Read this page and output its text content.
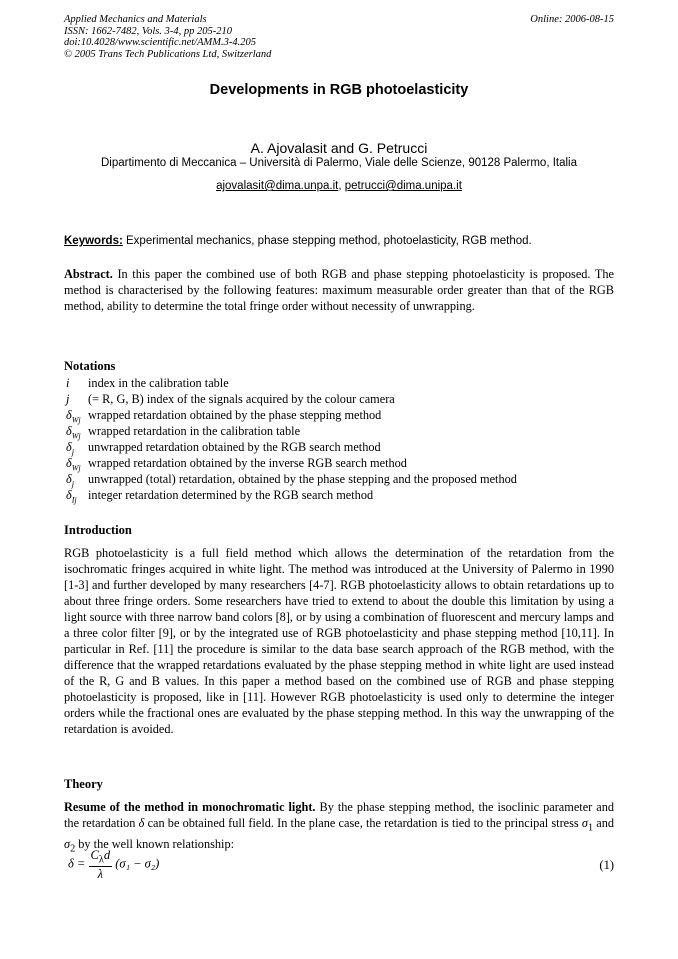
Applied Mechanics and Materials
ISSN: 1662-7482, Vols. 3-4, pp 205-210
doi:10.4028/www.scientific.net/AMM.3-4.205
© 2005 Trans Tech Publications Ltd, Switzerland
Online: 2006-08-15
Developments in RGB photoelasticity
A. Ajovalasit and G. Petrucci
Dipartimento di Meccanica – Università di Palermo, Viale delle Scienze, 90128 Palermo, Italia
ajovalasit@dima.unpa.it, petrucci@dima.unipa.it
Keywords: Experimental mechanics, phase stepping method, photoelasticity, RGB method.
Abstract. In this paper the combined use of both RGB and phase stepping photoelasticity is proposed. The method is characterised by the following features: maximum measurable order greater than that of the RGB method, ability to determine the total fringe order without necessity of unwrapping.
Notations
i	index in the calibration table
j	(= R, G, B) index of the signals acquired by the colour camera
$\delta_{Wj}$ wrapped retardation obtained by the phase stepping method
$\delta_{Wj}$ wrapped retardation in the calibration table
$\delta_j$	unwrapped retardation obtained by the RGB search method
$\delta_{Wj}$ wrapped retardation obtained by the inverse RGB search method
$\delta_j$	unwrapped (total) retardation, obtained by the phase stepping and the proposed method
$\delta_{Ij}$ integer retardation determined by the RGB search method
Introduction
RGB photoelasticity is a full field method which allows the determination of the retardation from the isochromatic fringes acquired in white light. The method was introduced at the University of Palermo in 1990 [1-3] and further developed by many researchers [4-7]. RGB photoelasticity allows to obtain retardations up to about three fringe orders. Some researchers have tried to extend to about the double this limitation by using a light source with three narrow band colors [8], or by using a combination of fluorescent and mercury lamps and a three color filter [9], or by the integrated use of RGB photoelasticity and phase stepping method [10,11]. In particular in Ref. [11] the procedure is similar to the data base search approach of the RGB method, with the difference that the wrapped retardations evaluated by the phase stepping method in white light are used instead of the R, G and B values. In this paper a method based on the combined use of RGB and phase stepping photoelasticity is proposed, like in [11]. However RGB photoelasticity is used only to determine the integer orders while the fractional ones are evaluated by the phase stepping method. In this way the unwrapping of the retardation is avoided.
Theory
Resume of the method in monochromatic light. By the phase stepping method, the isoclinic parameter and the retardation δ can be obtained full field. In the plane case, the retardation is tied to the principal stress $\sigma_1$ and $\sigma_2$ by the well known relationship:
$\delta = \frac{C_\lambda d}{\lambda} (\sigma_1 - \sigma_2)$	(1)
